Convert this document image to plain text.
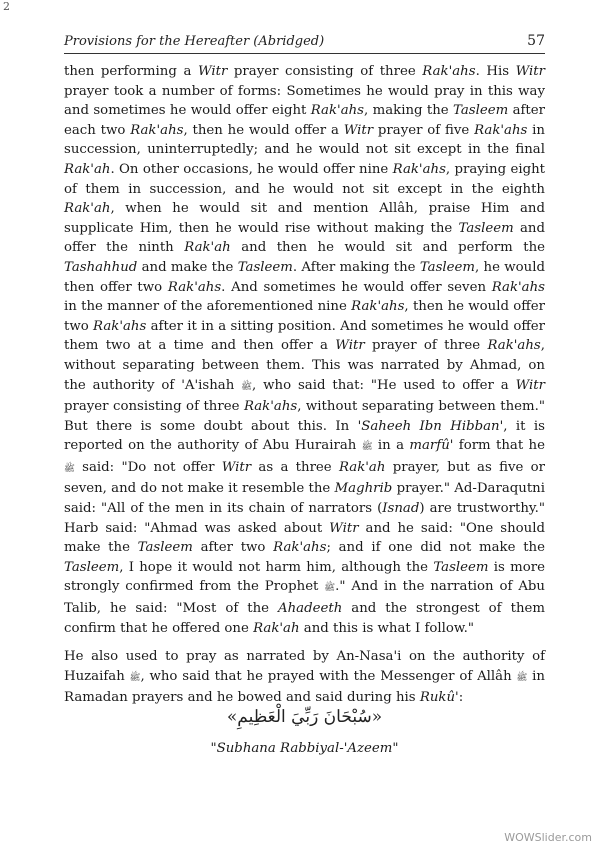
2
Provisions for the Hereafter (Abridged)	57

then performing a Witr prayer consisting of three Rak'ahs. His Witr prayer took a number of forms: Sometimes he would pray in this way and sometimes he would offer eight Rak'ahs, making the Tasleem after each two Rak'ahs, then he would offer a Witr prayer of five Rak'ahs in succession, uninterruptedly; and he would not sit except in the final Rak'ah. On other occasions, he would offer nine Rak'ahs, praying eight of them in succession, and he would not sit except in the eighth Rak'ah, when he would sit and mention Allâh, praise Him and supplicate Him, then he would rise without making the Tasleem and offer the ninth Rak'ah and then he would sit and perform the Tashahhud and make the Tasleem. After making the Tasleem, he would then offer two Rak'ahs. And sometimes he would offer seven Rak'ahs in the manner of the aforementioned nine Rak'ahs, then he would offer two Rak'ahs after it in a sitting position. And sometimes he would offer them two at a time and then offer a Witr prayer of three Rak'ahs, without separating between them. This was narrated by Ahmad, on the authority of 'A'ishah ﷺ, who said that: "He used to offer a Witr prayer consisting of three Rak'ahs, without separating between them." But there is some doubt about this. In 'Saheeh Ibn Hibban', it is reported on the authority of Abu Hurairah ﷺ in a marfû' form that he ﷺ said: "Do not offer Witr as a three Rak'ah prayer, but as five or seven, and do not make it resemble the Maghrib prayer." Ad-Daraqutni said: "All of the men in its chain of narrators (Isnad) are trustworthy." Harb said: "Ahmad was asked about Witr and he said: "One should make the Tasleem after two Rak'ahs; and if one did not make the Tasleem, I hope it would not harm him, although the Tasleem is more strongly confirmed from the Prophet ﷺ." And in the narration of Abu Talib, he said: "Most of the Ahadeeth and the strongest of them confirm that he offered one Rak'ah and this is what I follow."

He also used to pray as narrated by An-Nasa'i on the authority of Huzaifah ﷺ, who said that he prayed with the Messenger of Allâh ﷺ in Ramadan prayers and he bowed and said during his Rukû':

«سُبْحَانَ رَبِّيَ الْعَظِيمِ»
"Subhana Rabbiyal-'Azeem"
WOWSlider.com
